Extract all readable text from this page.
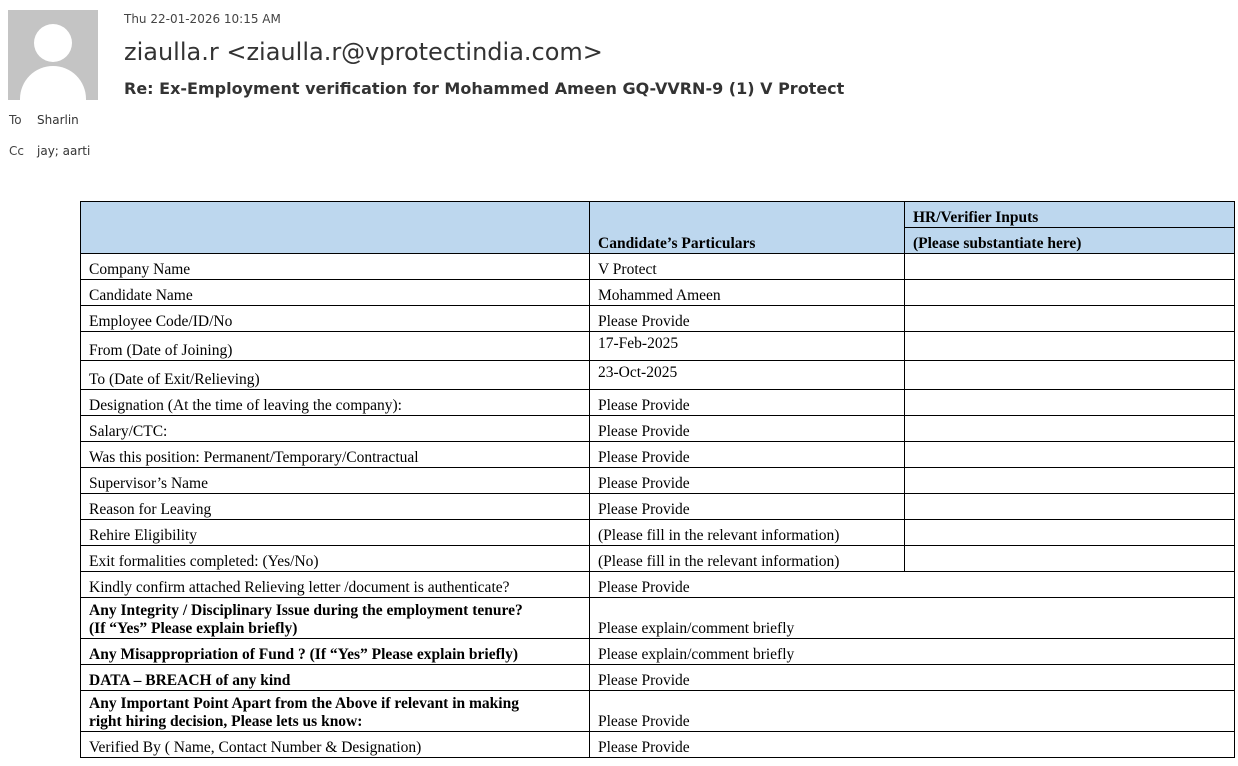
Thu 22-01-2026 10:15 AM
ziaulla.r <ziaulla.r@vprotectindia.com>
Re: Ex-Employment verification for Mohammed Ameen GQ-VVRN-9 (1) V Protect
To Sharlin
Cc jay; aarti
	Candidate’s Particulars	HR/Verifier Inputs
		(Please substantiate here)
Company Name	V Protect	
Candidate Name	Mohammed Ameen	
Employee Code/ID/No	Please Provide	
From (Date of Joining)	17-Feb-2025	
To (Date of Exit/Relieving)	23-Oct-2025	
Designation (At the time of leaving the company):	Please Provide	
Salary/CTC:	Please Provide	
Was this position: Permanent/Temporary/Contractual	Please Provide	
Supervisor’s Name	Please Provide	
Reason for Leaving	Please Provide	
Rehire Eligibility	(Please fill in the relevant information)	
Exit formalities completed: (Yes/No)	(Please fill in the relevant information)	
Kindly confirm attached Relieving letter /document is authenticate?	Please Provide	
Any Integrity / Disciplinary Issue during the employment tenure?
(If “Yes” Please explain briefly)	Please explain/comment briefly	
Any Misappropriation of Fund ? (If “Yes” Please explain briefly)	Please explain/comment briefly	
DATA – BREACH of any kind	Please Provide	
Any Important Point Apart from the Above if relevant in making
right hiring decision, Please lets us know:	Please Provide	
Verified By ( Name, Contact Number & Designation)	Please Provide	
